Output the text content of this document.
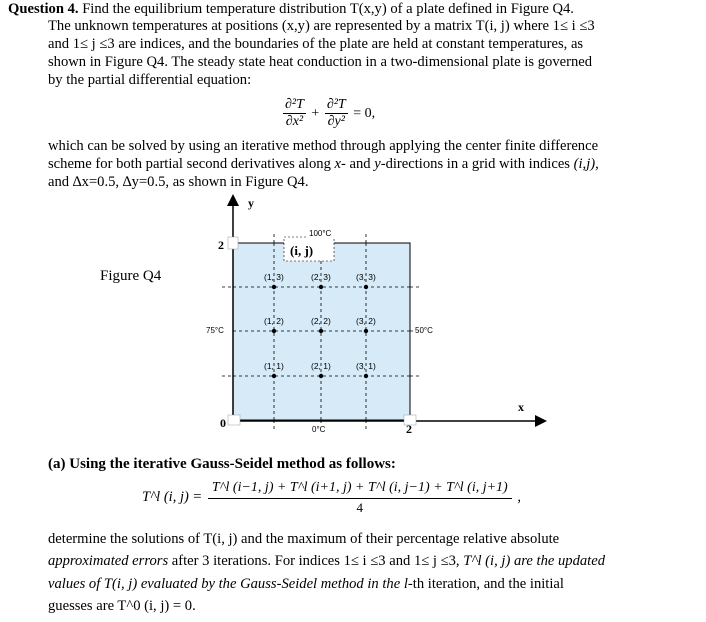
Question 4. Find the equilibrium temperature distribution T(x,y) of a plate defined in Figure Q4.
The unknown temperatures at positions (x,y) are represented by a matrix T(i, j) where 1≤ i ≤3
and 1≤ j ≤3 are indices, and the boundaries of the plate are held at constant temperatures, as
shown in Figure Q4. The steady state heat conduction in a two-dimensional plate is governed
by the partial differential equation:
$\frac{\text{∂²T}}{\text{∂x²}} + \frac{\text{∂²T}}{\text{∂y²}} = 0$,
which can be solved by using an iterative method through applying the center finite difference
scheme for both partial second derivatives along x- and y-directions in a grid with indices (i,j),
and ∆x=0.5, ∆y=0.5, as shown in Figure Q4.
Figure Q4
y
x
2
2
0
100°C
75°C	50°C
0°C
(i, j)
(1, 3)	(2, 3)	(3, 3)
(1, 2)	(2, 2)	(3, 2)
(1, 1)	(2, 1)	(3, 1)
(a) Using the iterative Gauss-Seidel method as follows:
T^l (i, $j) = \frac{T\^{}l (i-1, j) + T\^{}l (i+1, j) + T\^{}l (i, j-1) + T\^{}l (i, j+1)}{4}$ ,
determine the solutions of T(i, j) and the maximum of their percentage relative absolute
approximated errors after 3 iterations. For indices 1≤ i ≤3 and 1≤ j ≤3, T^l (i, j) are the updated
values of T(i, j) evaluated by the Gauss-Seidel method in the l-th iteration, and the initial
guesses are T^0 (i, j) = 0.
